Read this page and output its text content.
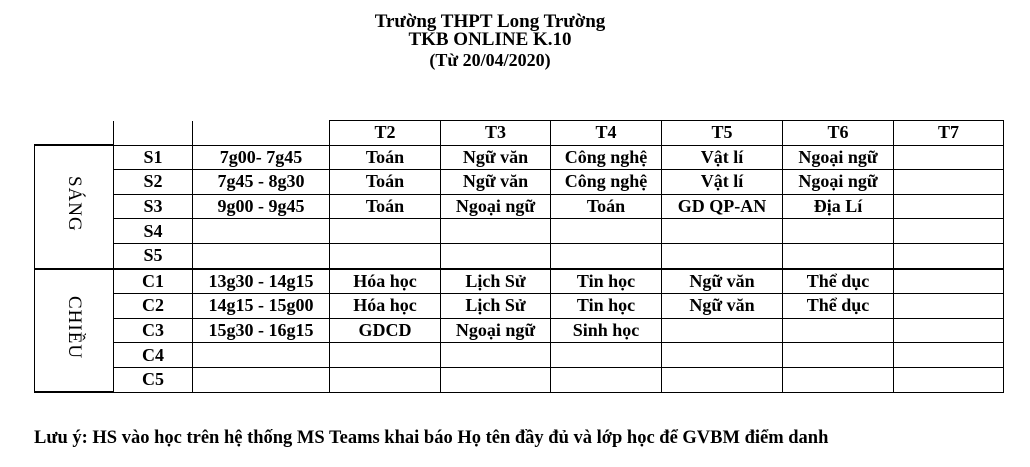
Trường THPT Long Trường
TKB ONLINE K.10
(Từ 20/04/2020)
			T2	T3	T4	T5	T6	T7
SÁNG	S1	7g00- 7g45	Toán	Ngữ văn	Công nghệ	Vật lí	Ngoại ngữ	
	S2	7g45 - 8g30	Toán	Ngữ văn	Công nghệ	Vật lí	Ngoại ngữ	
	S3	9g00 - 9g45	Toán	Ngoại ngữ	Toán	GD QP-AN	Địa Lí	
	S4							
	S5							
CHIỀU	C1	13g30 - 14g15	Hóa học	Lịch Sử	Tin học	Ngữ văn	Thể dục	
	C2	14g15 - 15g00	Hóa học	Lịch Sử	Tin học	Ngữ văn	Thể dục	
	C3	15g30 - 16g15	GDCD	Ngoại ngữ	Sinh học			
	C4							
	C5							
Lưu ý: HS vào học trên hệ thống MS Teams khai báo Họ tên đầy đủ và lớp học để GVBM điểm danh
